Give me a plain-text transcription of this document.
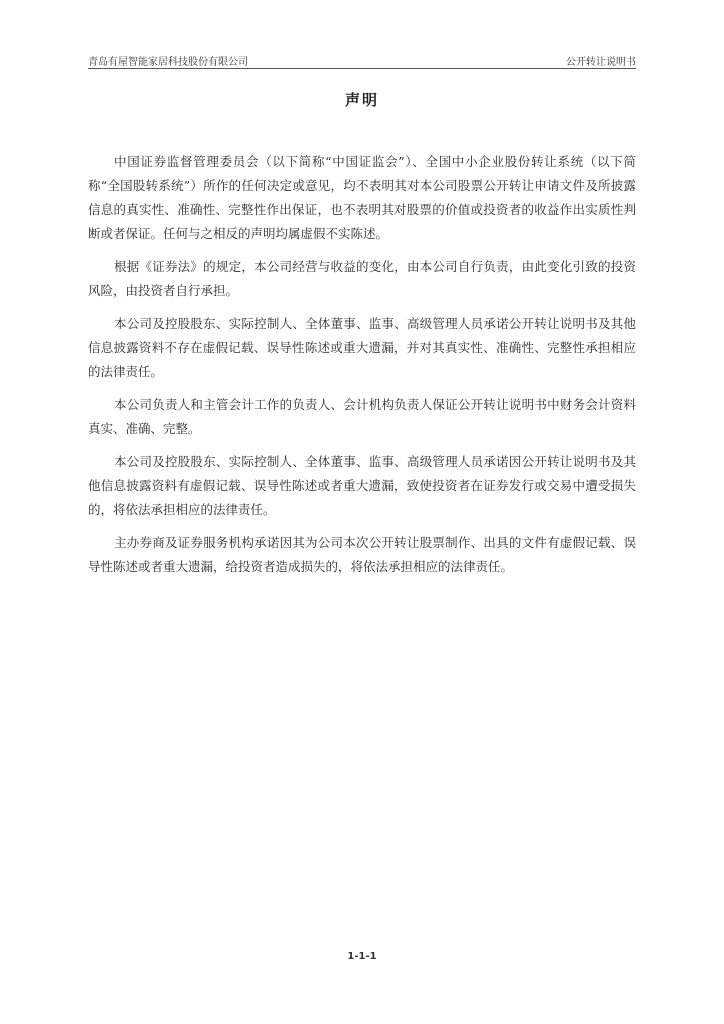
青岛有屋智能家居科技股份有限公司	公开转让说明书
声明

中国证券监督管理委员会（以下简称“中国证监会”）、全国中小企业股份转让系统（以下简称“全国股转系统”）所作的任何决定或意见，均不表明其对本公司股票公开转让申请文件及所披露信息的真实性、准确性、完整性作出保证，也不表明其对股票的价值或投资者的收益作出实质性判断或者保证。任何与之相反的声明均属虚假不实陈述。

根据《证券法》的规定，本公司经营与收益的变化，由本公司自行负责，由此变化引致的投资风险，由投资者自行承担。

本公司及控股股东、实际控制人、全体董事、监事、高级管理人员承诺公开转让说明书及其他信息披露资料不存在虚假记载、误导性陈述或重大遗漏，并对其真实性、准确性、完整性承担相应的法律责任。

本公司负责人和主管会计工作的负责人、会计机构负责人保证公开转让说明书中财务会计资料真实、准确、完整。

本公司及控股股东、实际控制人、全体董事、监事、高级管理人员承诺因公开转让说明书及其他信息披露资料有虚假记载、误导性陈述或者重大遗漏，致使投资者在证券发行或交易中遭受损失的，将依法承担相应的法律责任。

主办券商及证券服务机构承诺因其为公司本次公开转让股票制作、出具的文件有虚假记载、误导性陈述或者重大遗漏，给投资者造成损失的，将依法承担相应的法律责任。

1-1-1
